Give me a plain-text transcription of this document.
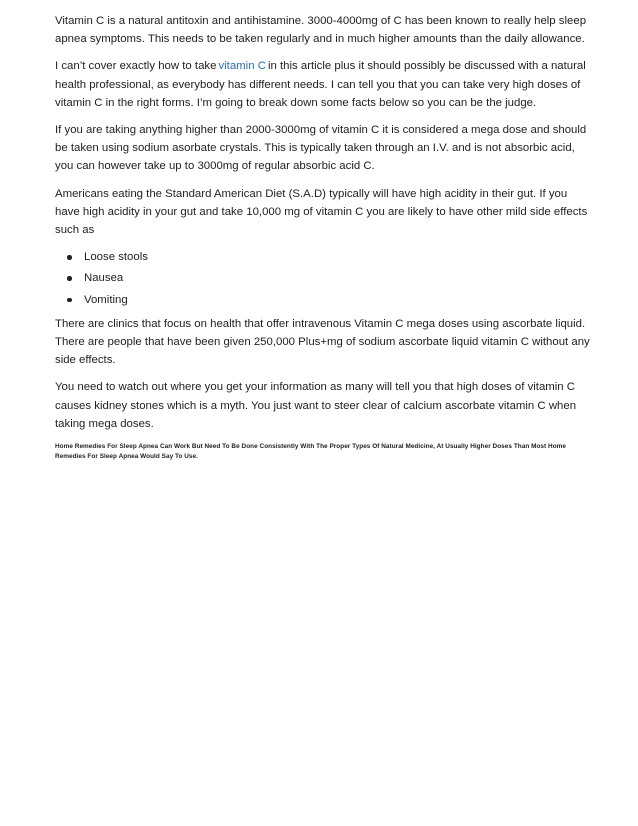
Vitamin C is a natural antitoxin and antihistamine. 3000-4000mg of C has been known to really help sleep apnea symptoms. This needs to be taken regularly and in much higher amounts than the daily allowance.

I can’t cover exactly how to take vitamin C in this article plus it should possibly be discussed with a natural health professional, as everybody has different needs. I can tell you that you can take very high doses of vitamin C in the right forms. I’m going to break down some facts below so you can be the judge.

If you are taking anything higher than 2000-3000mg of vitamin C it is considered a mega dose and should be taken using sodium asorbate crystals. This is typically taken through an I.V. and is not absorbic acid, you can however take up to 3000mg of regular absorbic acid C.

Americans eating the Standard American Diet (S.A.D) typically will have high acidity in their gut. If you have high acidity in your gut and take 10,000 mg of vitamin C you are likely to have other mild side effects such as

Loose stools
Nausea
Vomiting

There are clinics that focus on health that offer intravenous Vitamin C mega doses using ascorbate liquid. There are people that have been given 250,000 Plus+mg of sodium ascorbate liquid vitamin C without any side effects.

You need to watch out where you get your information as many will tell you that high doses of vitamin C causes kidney stones which is a myth. You just want to steer clear of calcium ascorbate vitamin C when taking mega doses.

Home Remedies For Sleep Apnea Can Work But Need To Be Done Consistently With The Proper Types Of Natural Medicine, At Usually Higher Doses Than Most Home Remedies For Sleep Apnea Would Say To Use.
